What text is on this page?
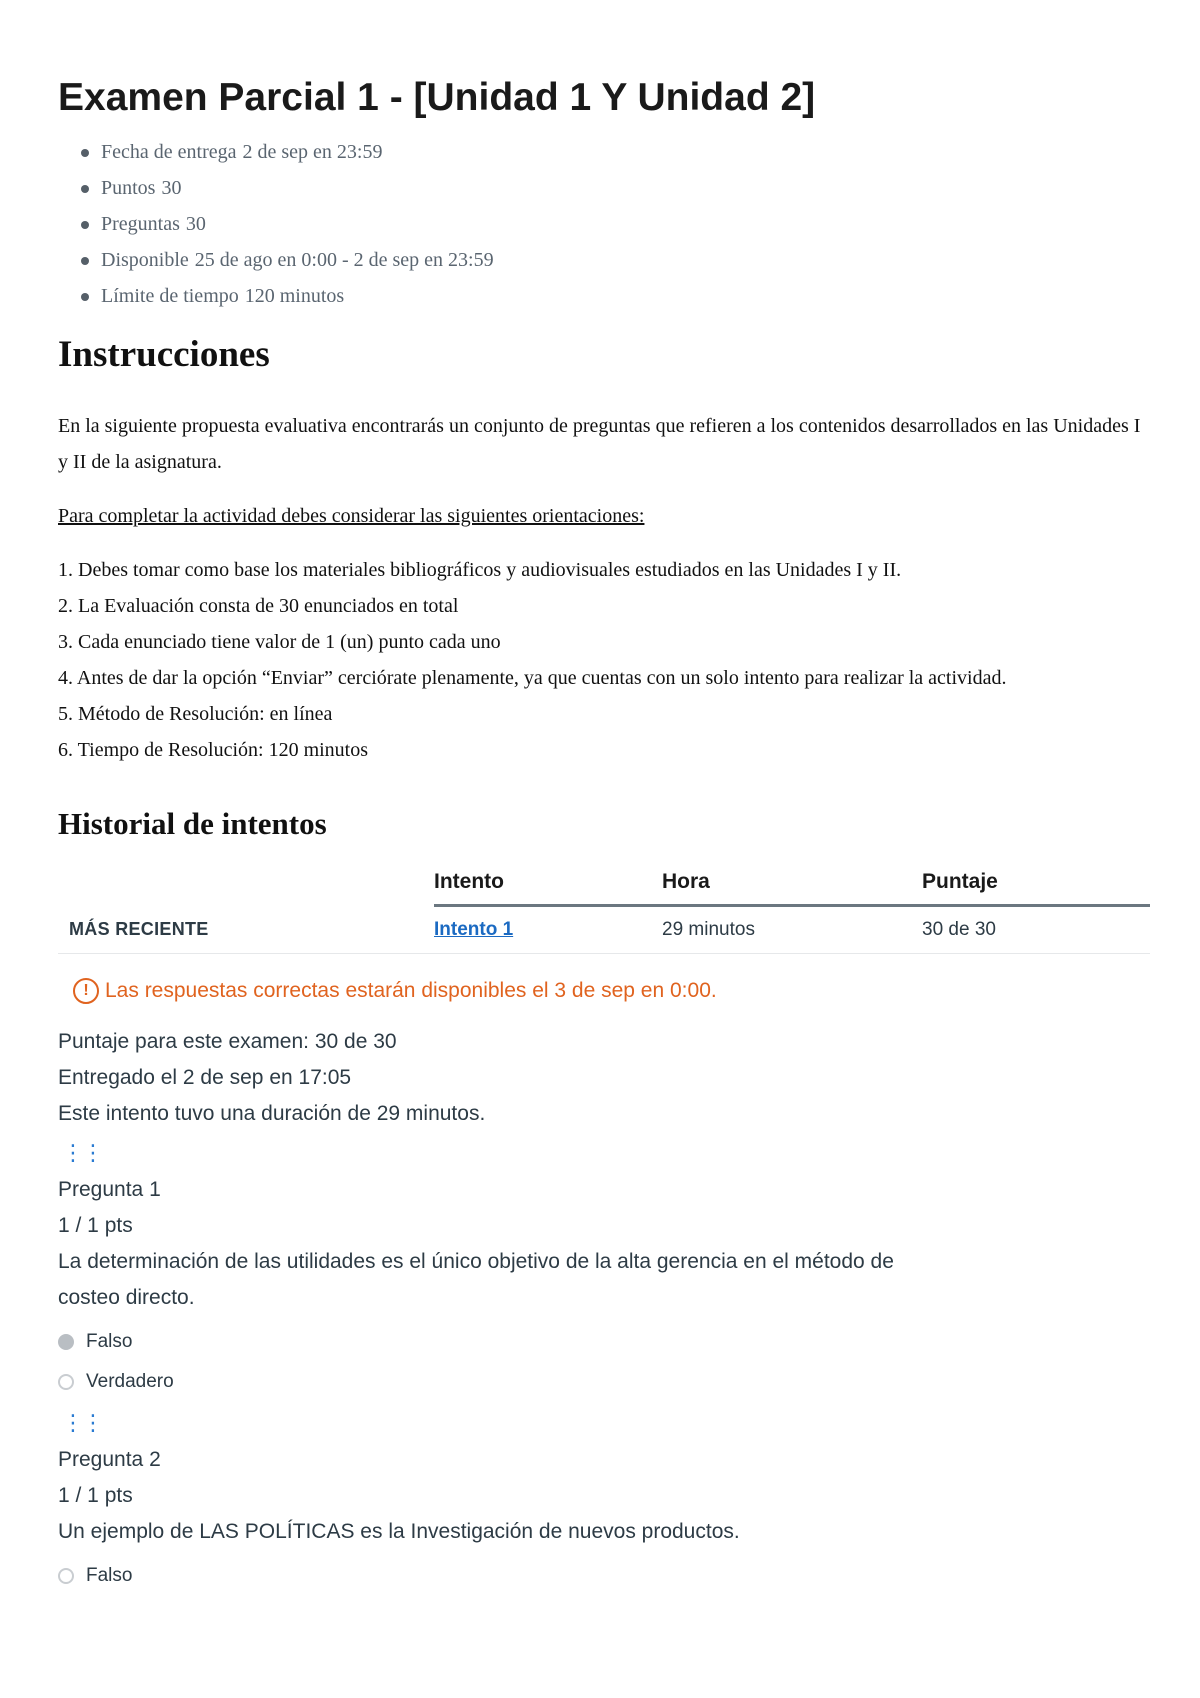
Examen Parcial 1 - [Unidad 1 Y Unidad 2]
Fecha de entrega 2 de sep en 23:59
Puntos 30
Preguntas 30
Disponible 25 de ago en 0:00 - 2 de sep en 23:59
Límite de tiempo 120 minutos
Instrucciones

En la siguiente propuesta evaluativa encontrarás un conjunto de preguntas que refieren a los contenidos desarrollados en las Unidades I y II de la asignatura.

Para completar la actividad debes considerar las siguientes orientaciones:

1. Debes tomar como base los materiales bibliográficos y audiovisuales estudiados en las Unidades I y II.
2. La Evaluación consta de 30 enunciados en total
3. Cada enunciado tiene valor de 1 (un) punto cada uno
4. Antes de dar la opción “Enviar” cerciórate plenamente, ya que cuentas con un solo intento para realizar la actividad.
5. Método de Resolución: en línea
6. Tiempo de Resolución: 120 minutos
Historial de intentos
	Intento	Hora	Puntaje
MÁS RECIENTE	Intento 1	29 minutos	30 de 30
! Las respuestas correctas estarán disponibles el 3 de sep en 0:00.

Puntaje para este examen: 30 de 30

Entregado el 2 de sep en 17:05

Este intento tuvo una duración de 29 minutos.

⋮⋮

Pregunta 1

1 / 1 pts

La determinación de las utilidades es el único objetivo de la alta gerencia en el método de costeo directo.

Falso
Verdadero
⋮⋮

Pregunta 2

1 / 1 pts

Un ejemplo de LAS POLÍTICAS es la Investigación de nuevos productos.

Falso
